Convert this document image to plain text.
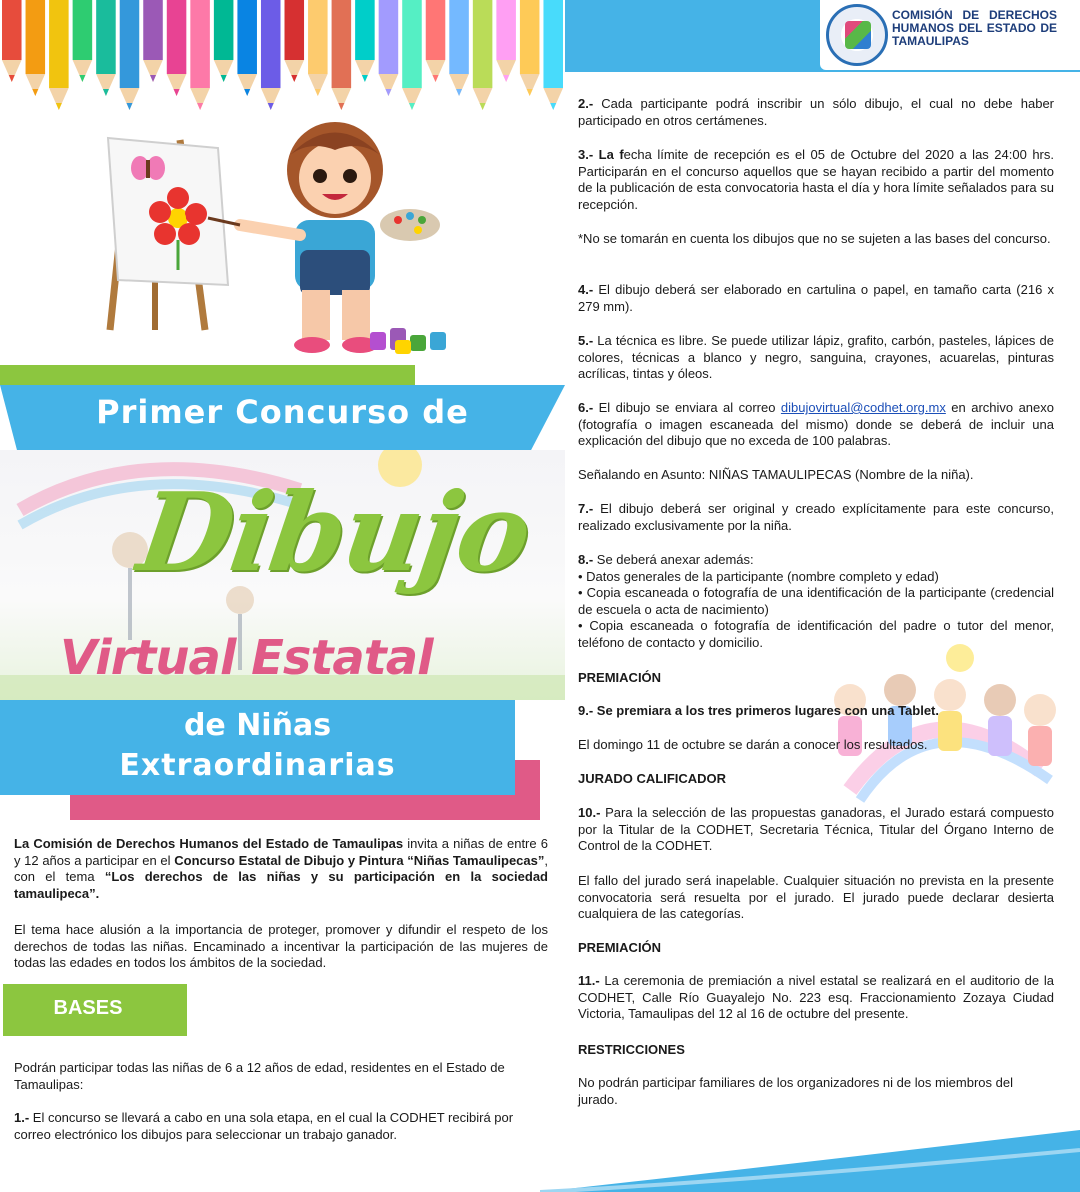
COMISIÓN DE DERECHOS HUMANOS DEL ESTADO DE TAMAULIPAS
Primer Concurso de
Dibujo
Virtual Estatal
de Niñas
Extraordinarias
La Comisión de Derechos Humanos del Estado de Tamaulipas invita a niñas de entre 6 y 12 años a participar en el Concurso Estatal de Dibujo y Pintura “Niñas Tamaulipecas”, con el tema “Los derechos de las niñas y su participación en la sociedad tamaulipeca”.
El tema hace alusión a la importancia de proteger, promover y difundir el respeto de los derechos de todas las niñas. Encaminado a incentivar la participación de las mujeres de todas las edades en todos los ámbitos de la sociedad.
BASES
Podrán participar todas las niñas de 6 a 12 años de edad, residentes en el Estado de Tamaulipas:
1.- El concurso se llevará a cabo en una sola etapa, en el cual la CODHET recibirá por correo electrónico los dibujos para seleccionar un trabajo ganador.
2.- Cada participante podrá inscribir un sólo dibujo, el cual no debe haber participado en otros certámenes.
3.- La fecha límite de recepción es el 05 de Octubre del 2020 a las 24:00 hrs. Participarán en el concurso aquellos que se hayan recibido a partir del momento de la publicación de esta convocatoria hasta el día y hora límite señalados para su recepción.
*No se tomarán en cuenta los dibujos que no se sujeten a las bases del concurso.
4.- El dibujo deberá ser elaborado en cartulina o papel, en tamaño carta (216 x 279 mm).
5.- La técnica es libre. Se puede utilizar lápiz, grafito, carbón, pasteles, lápices de colores, técnicas a blanco y negro, sanguina, crayones, acuarelas, pinturas acrílicas, tintas y óleos.
6.- El dibujo se enviara al correo dibujovirtual@codhet.org.mx en archivo anexo (fotografía o imagen escaneada del mismo) donde se deberá de incluir una explicación del dibujo que no exceda de 100 palabras.
Señalando en Asunto: NIÑAS TAMAULIPECAS (Nombre de la niña).
7.- El dibujo deberá ser original y creado explícitamente para este concurso, realizado exclusivamente por la niña.
8.- Se deberá anexar además:
• Datos generales de la participante (nombre completo y edad)
• Copia escaneada o fotografía de una identificación de la participante (credencial de escuela o acta de nacimiento)
• Copia escaneada o fotografía de identificación del padre o tutor del menor, teléfono de contacto y domicilio.
PREMIACIÓN
9.- Se premiara a los tres primeros lugares con una Tablet.
El domingo 11 de octubre se darán a conocer los resultados.
JURADO CALIFICADOR
10.- Para la selección de las propuestas ganadoras, el Jurado estará compuesto por la Titular de la CODHET, Secretaria Técnica, Titular del Órgano Interno de Control de la CODHET.
El fallo del jurado será inapelable. Cualquier situación no prevista en la presente convocatoria será resuelta por el jurado. El jurado puede declarar desierta cualquiera de las categorías.
PREMIACIÓN
11.- La ceremonia de premiación a nivel estatal se realizará en el auditorio de la CODHET, Calle Río Guayalejo No. 223 esq. Fraccionamiento Zozaya Ciudad Victoria, Tamaulipas del 12 al 16 de octubre del presente.
RESTRICCIONES
No podrán participar familiares de los organizadores ni de los miembros del jurado.
